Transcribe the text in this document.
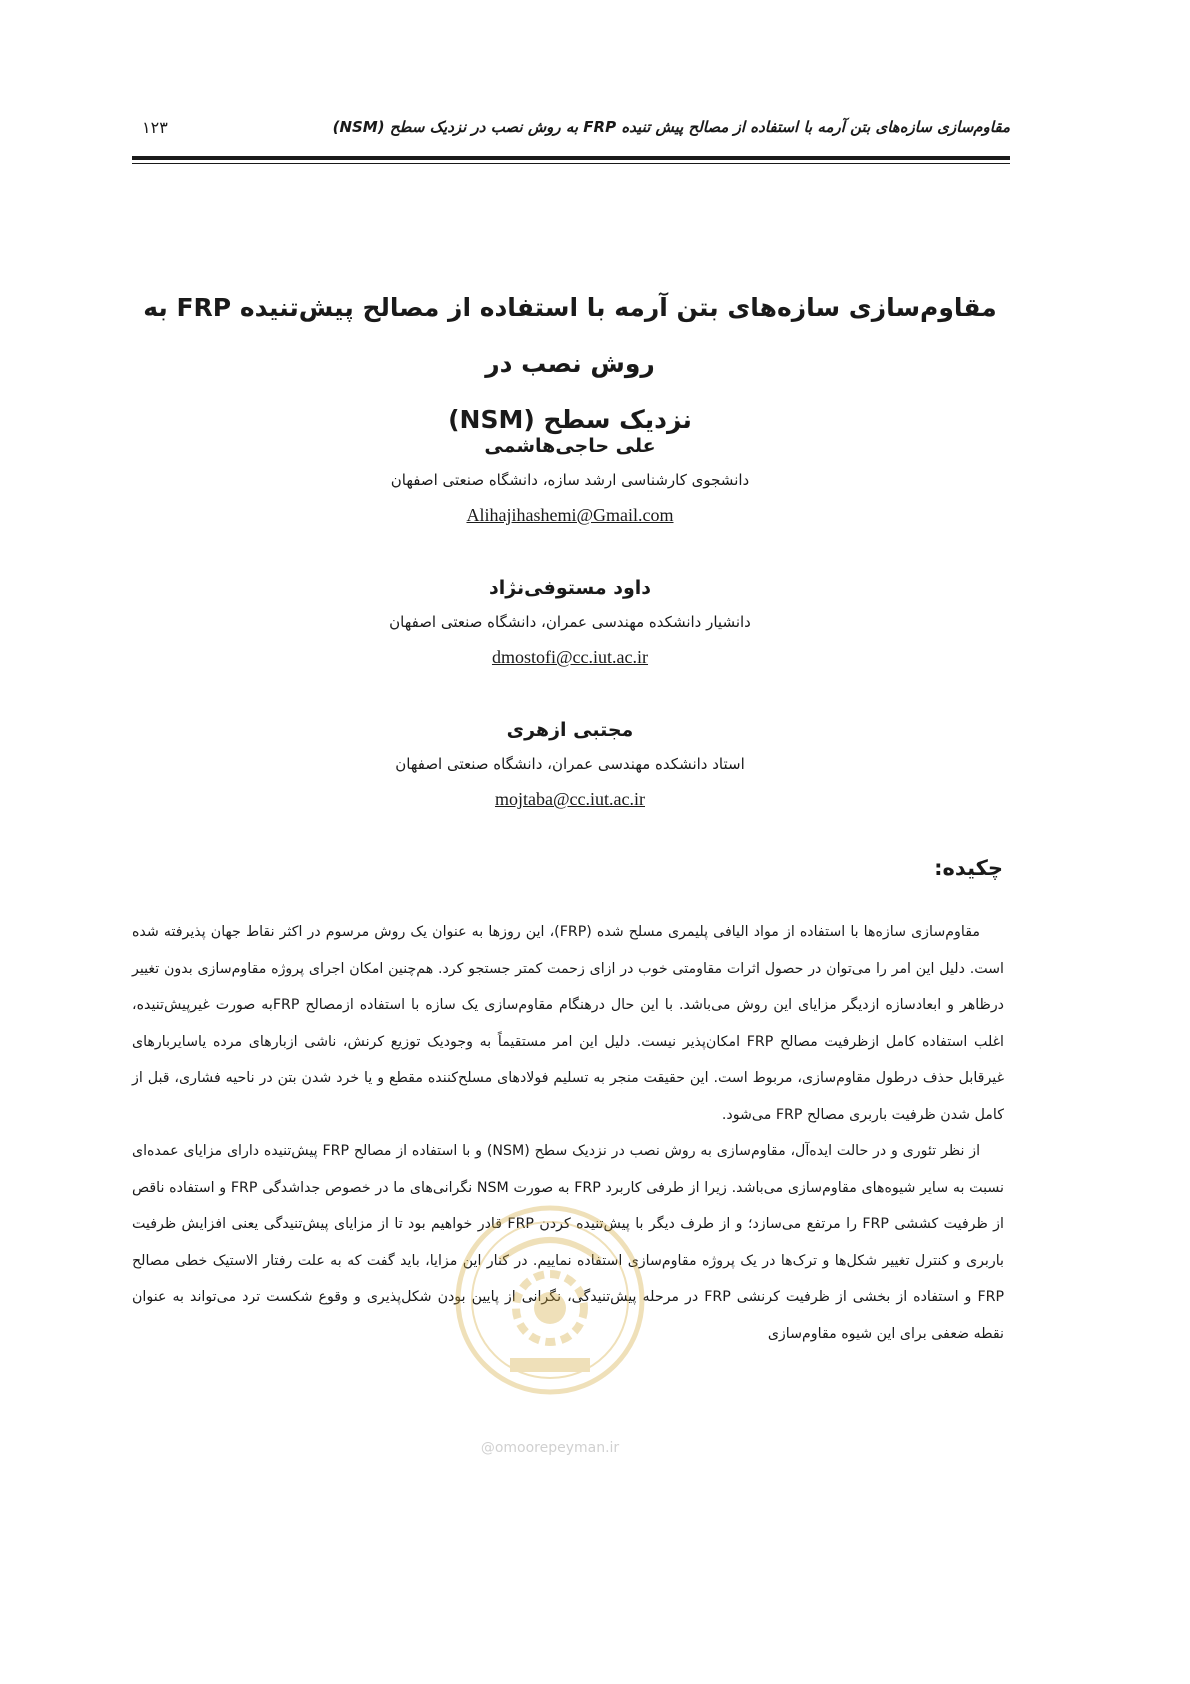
مقاوم‌سازی سازه‌های بتن آرمه با استفاده از مصالح پیش تنیده FRP به روش نصب در نزدیک سطح (NSM)
۱۲۳
مقاوم‌سازی سازه‌های بتن آرمه با استفاده از مصالح پیش‌تنیده FRP به روش نصب در
نزدیک سطح (NSM)
علی حاجی‌هاشمی
دانشجوی کارشناسی ارشد سازه، دانشگاه صنعتی اصفهان
Alihajihashemi@Gmail.com
داود مستوفی‌نژاد
دانشیار دانشکده مهندسی عمران، دانشگاه صنعتی اصفهان
dmostofi@cc.iut.ac.ir
مجتبی ازهری
استاد دانشکده مهندسی عمران، دانشگاه صنعتی اصفهان
mojtaba@cc.iut.ac.ir
چکیده:

مقاوم‌سازی سازه‌ها با استفاده از مواد الیافی پلیمری مسلح شده (FRP)، این روزها به عنوان یک روش مرسوم در اکثر نقاط جهان پذیرفته شده است. دلیل این امر را می‌توان در حصول اثرات مقاومتی خوب در ازای زحمت کمتر جستجو کرد. هم‌چنین امکان اجرای پروژه مقاوم‌سازی بدون تغییر درظاهر و ابعادسازه ازدیگر مزایای این روش می‌باشد. با این حال درهنگام مقاوم‌سازی یک سازه با استفاده ازمصالح FRPبه صورت غیرپیش‌تنیده، اغلب استفاده کامل ازظرفیت مصالح FRP امکان‌پذیر نیست. دلیل این امر مستقیماً به وجودیک توزیع کرنش، ناشی ازبارهای مرده یاسایربارهای غیرقابل حذف درطول مقاوم‌سازی، مربوط است. این حقیقت منجر به تسلیم فولادهای مسلح‌کننده مقطع و یا خرد شدن بتن در ناحیه فشاری، قبل از کامل شدن ظرفیت باربری مصالح FRP می‌شود.

از نظر تئوری و در حالت ایده‌آل، مقاوم‌سازی به روش نصب در نزدیک سطح (NSM) و با استفاده از مصالح FRP پیش‌تنیده دارای مزایای عمده‌ای نسبت به سایر شیوه‌های مقاوم‌سازی می‌باشد. زیرا از طرفی کاربرد FRP به صورت NSM نگرانی‌های ما در خصوص جداشدگی FRP و استفاده ناقص از ظرفیت کششی FRP را مرتفع می‌سازد؛ و از طرف دیگر با پیش‌تنیده کردن FRP قادر خواهیم بود تا از مزایای پیش‌تنیدگی یعنی افزایش ظرفیت باربری و کنترل تغییر شکل‌ها و ترک‌ها در یک پروژه مقاوم‌سازی استفاده نماییم. در کنار این مزایا، باید گفت که به علت رفتار الاستیک خطی مصالح FRP و استفاده از بخشی از ظرفیت کرنشی FRP در مرحله پیش‌تنیدگی، نگرانی از پایین بودن شکل‌پذیری و وقوع شکست ترد می‌تواند به عنوان نقطه ضعفی برای این شیوه مقاوم‌سازی

@omoorepeyman.ir
